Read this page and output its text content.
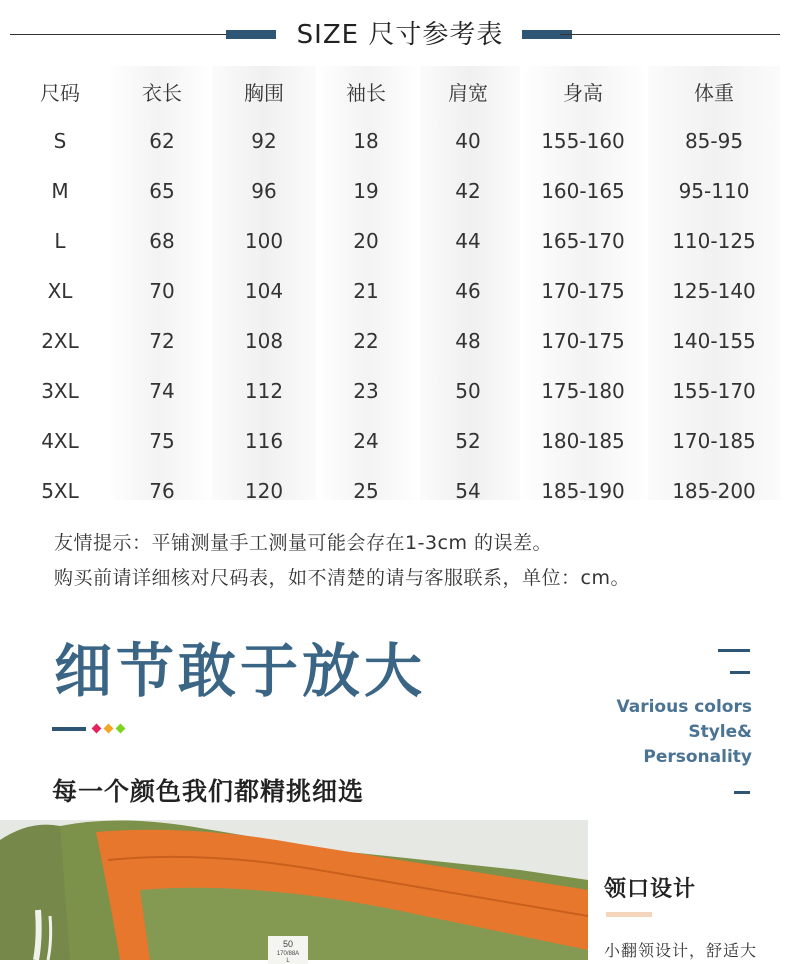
SIZE 尺寸参考表
尺码	衣长	胸围	袖长	肩宽	身高	体重
S	62	92	18	40	155-160	85-95
M	65	96	19	42	160-165	95-110
L	68	100	20	44	165-170	110-125
XL	70	104	21	46	170-175	125-140
2XL	72	108	22	48	170-175	140-155
3XL	74	112	23	50	175-180	155-170
4XL	75	116	24	52	180-185	170-185
5XL	76	120	25	54	185-190	185-200
友情提示：平铺测量手工测量可能会存在1-3cm 的误差。
购买前请详细核对尺码表，如不清楚的请与客服联系，单位：cm。
细节敢于放大
Various colors
Style&
Personality
每一个颜色我们都精挑细选
50
170/88A
L
领口设计
小翻领设计，舒适大
